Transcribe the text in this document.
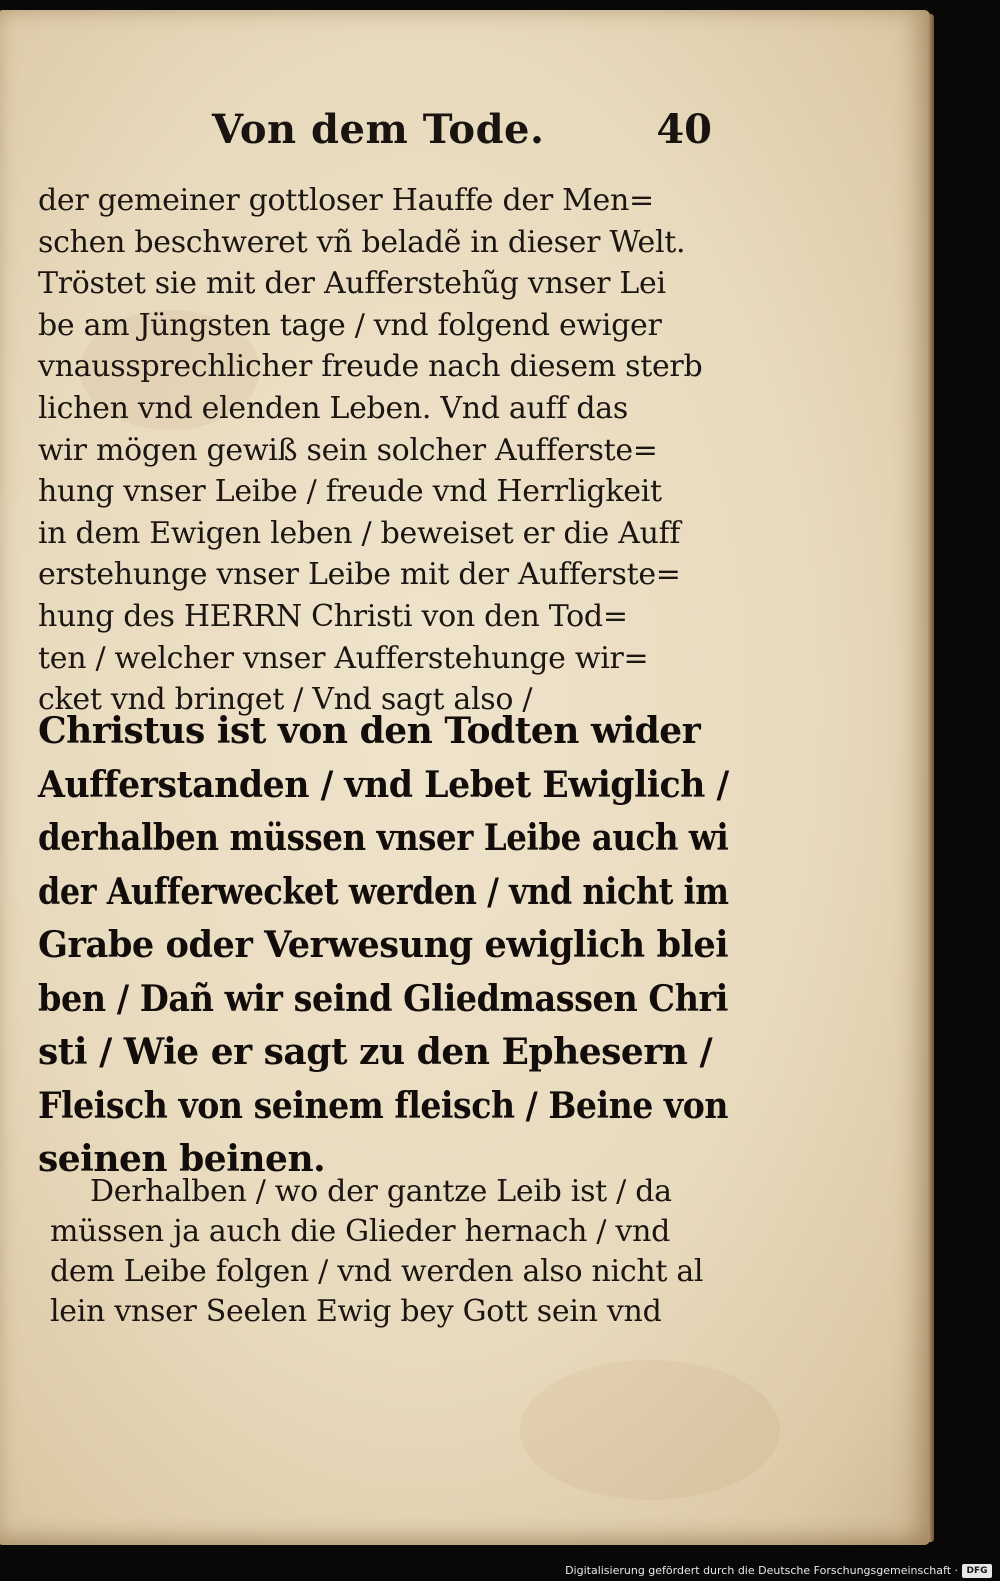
Von dem Tode.	40
der gemeiner gottloser Hauffe der Men=
schen beschweret vñ beladẽ in dieser Welt.
Tröstet sie mit der Aufferstehũg vnser Lei
be am Jüngsten tage / vnd folgend ewiger
vnaussprechlicher freude nach diesem sterb
lichen vnd elenden Leben. Vnd auff das
wir mögen gewiß sein solcher Aufferste=
hung vnser Leibe / freude vnd Herrligkeit
in dem Ewigen leben / beweiset er die Auff
erstehunge vnser Leibe mit der Aufferste=
hung des HERRN Christi von den Tod=
ten / welcher vnser Aufferstehunge wir=
cket vnd bringet / Vnd sagt also /
Christus ist von den Todten wider
Aufferstanden / vnd Lebet Ewiglich /
derhalben müssen vnser Leibe auch wi
der Aufferwecket werden / vnd nicht im
Grabe oder Verwesung ewiglich blei
ben / Dañ wir seind Gliedmassen Chri
sti / Wie er sagt zu den Ephesern /
Fleisch von seinem fleisch / Beine von
seinen beinen.
Derhalben / wo der gantze Leib ist / da
müssen ja auch die Glieder hernach / vnd
dem Leibe folgen / vnd werden also nicht al
lein vnser Seelen Ewig bey Gott sein vnd
Digitalisierung gefördert durch die Deutsche Forschungsgemeinschaft · DFG
